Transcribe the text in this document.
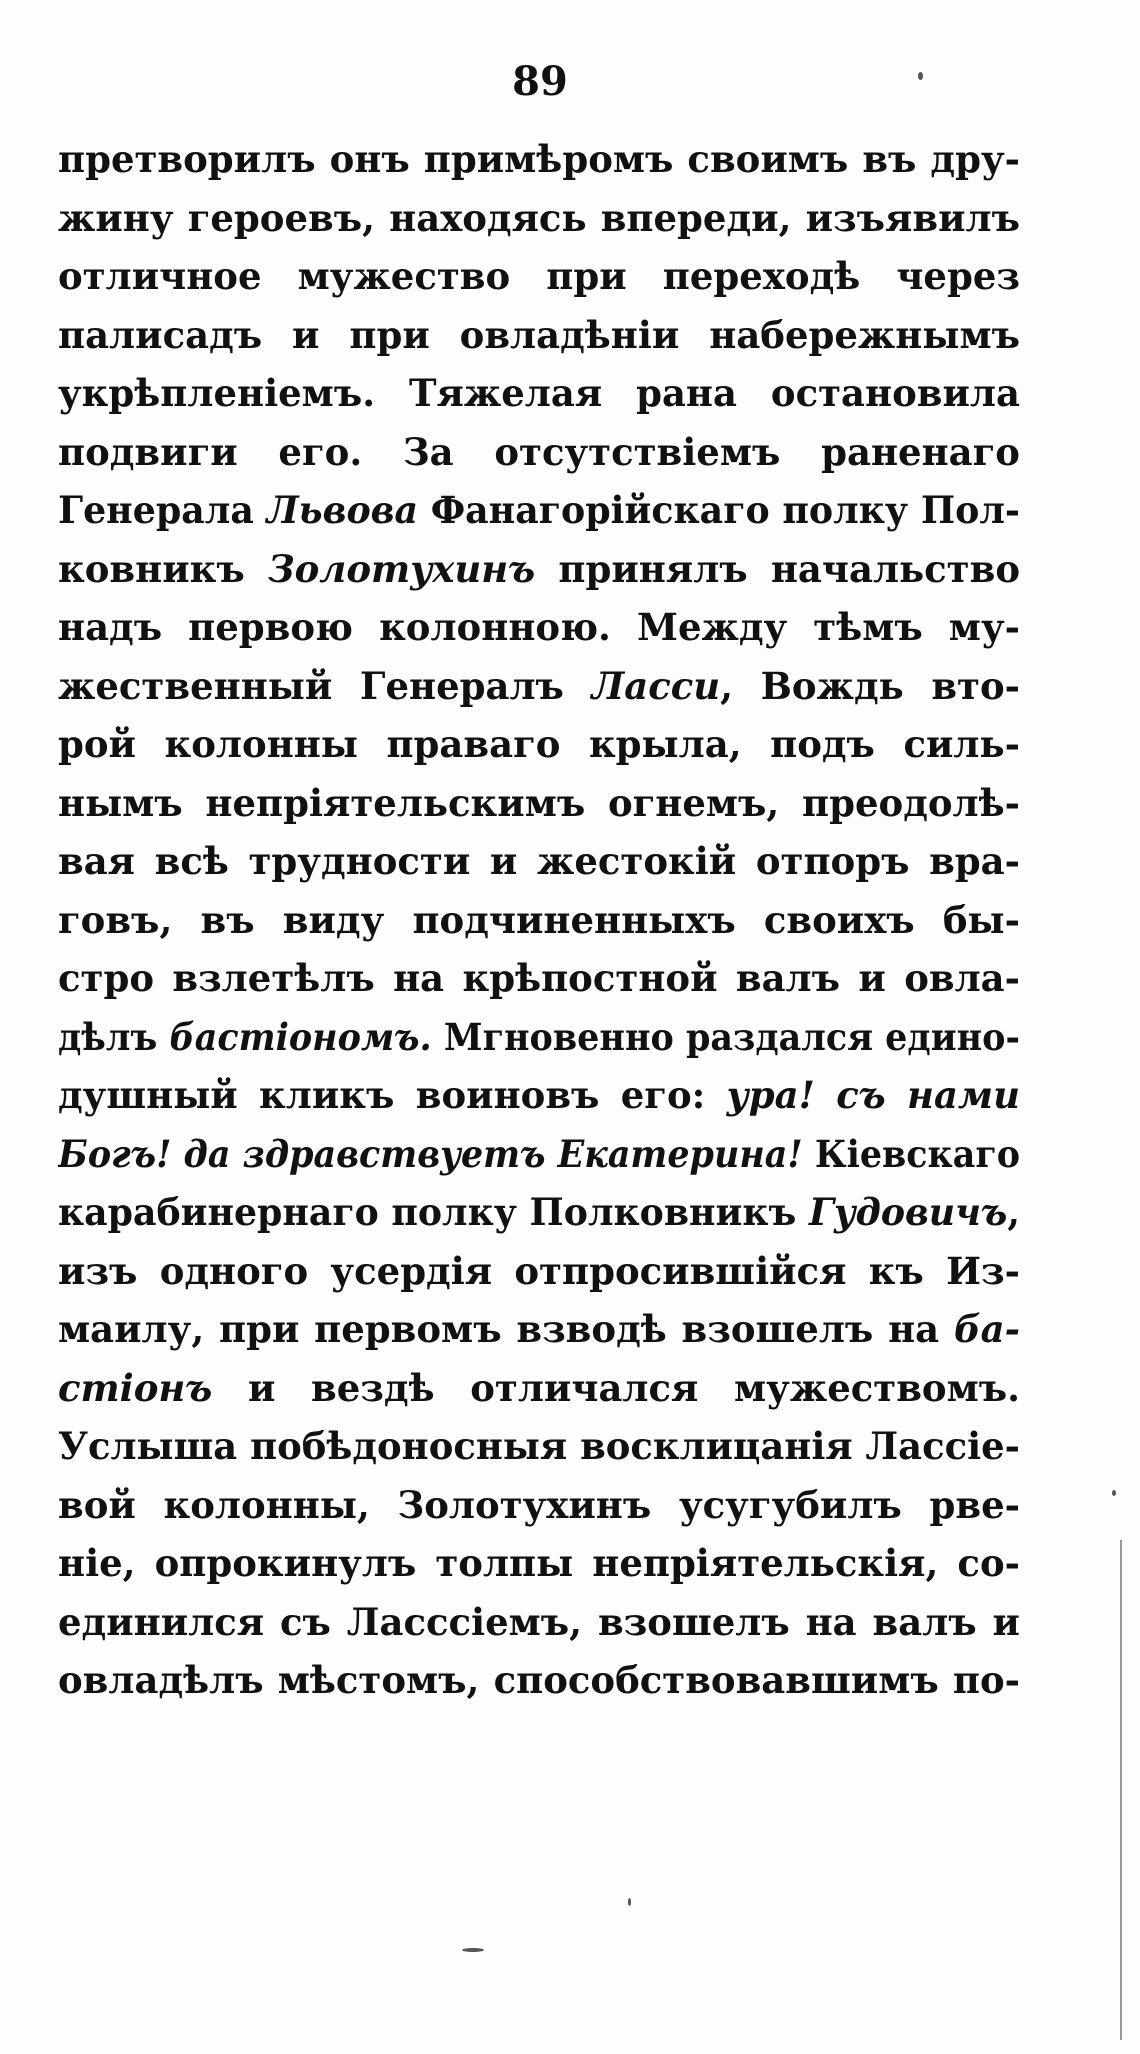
89
претворилъ онъ примѣромъ своимъ въ дру-
жину героевъ, находясь впереди, изъявилъ
отличное мужество при переходѣ через
палисадъ и при овладѣніи набережнымъ
укрѣпленіемъ. Тяжелая рана остановила
подвиги его. За отсутствіемъ раненаго
Генерала Львова Фанагорійскаго полку Пол-
ковникъ Золотухинъ принялъ начальство
надъ первою колонною. Между тѣмъ му-
жественный Генералъ Ласси, Вождь вто-
рой колонны праваго крыла, подъ силь-
нымъ непріятельскимъ огнемъ, преодолѣ-
вая всѣ трудности и жестокій отпоръ вра-
говъ, въ виду подчиненныхъ своихъ бы-
стро взлетѣлъ на крѣпостной валъ и овла-
дѣлъ бастіономъ. Мгновенно раздался едино-
душный кликъ воиновъ его: ура! съ нами
Богъ! да здравствуетъ Екатерина! Кіевскаго
карабинернаго полку Полковникъ Гудовичъ,
изъ одного усердія отпросившійся къ Из-
маилу, при первомъ взводѣ взошелъ на ба-
стіонъ и вездѣ отличался мужествомъ.
Услыша побѣдоносныя восклицанія Лассіе-
вой колонны, Золотухинъ усугубилъ рве-
ніе, опрокинулъ толпы непріятельскія, со-
единился съ Ласссіемъ, взошелъ на валъ и
овладѣлъ мѣстомъ, способствовавшимъ по-
